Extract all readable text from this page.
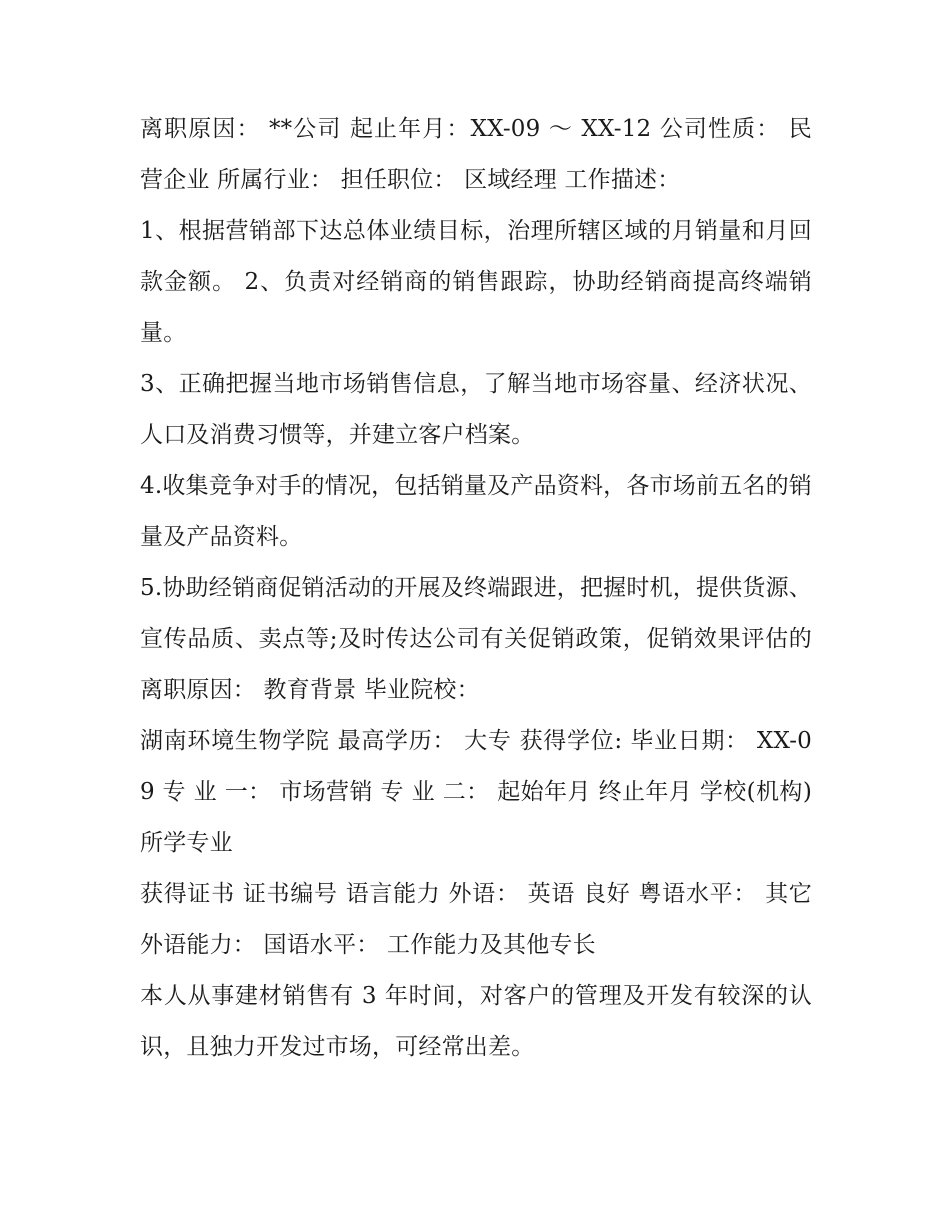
离职原因： **公司 起止年月：XX-09 ～ XX-12 公司性质： 民营企业 所属行业： 担任职位： 区域经理 工作描述：

1、根据营销部下达总体业绩目标，治理所辖区域的月销量和月回款金额。 2、负责对经销商的销售跟踪，协助经销商提高终端销量。

3、正确把握当地市场销售信息，了解当地市场容量、经济状况、人口及消费习惯等，并建立客户档案。

4.收集竞争对手的情况，包括销量及产品资料，各市场前五名的销量及产品资料。

5.协助经销商促销活动的开展及终端跟进，把握时机，提供货源、宣传品质、卖点等;及时传达公司有关促销政策，促销效果评估的 离职原因： 教育背景 毕业院校：

湖南环境生物学院 最高学历： 大专 获得学位: 毕业日期： XX-09 专 业 一： 市场营销 专 业 二： 起始年月 终止年月 学校(机构) 所学专业

获得证书 证书编号 语言能力 外语： 英语 良好 粤语水平： 其它外语能力： 国语水平： 工作能力及其他专长

本人从事建材销售有 3 年时间，对客户的管理及开发有较深的认识，且独力开发过市场，可经常出差。
